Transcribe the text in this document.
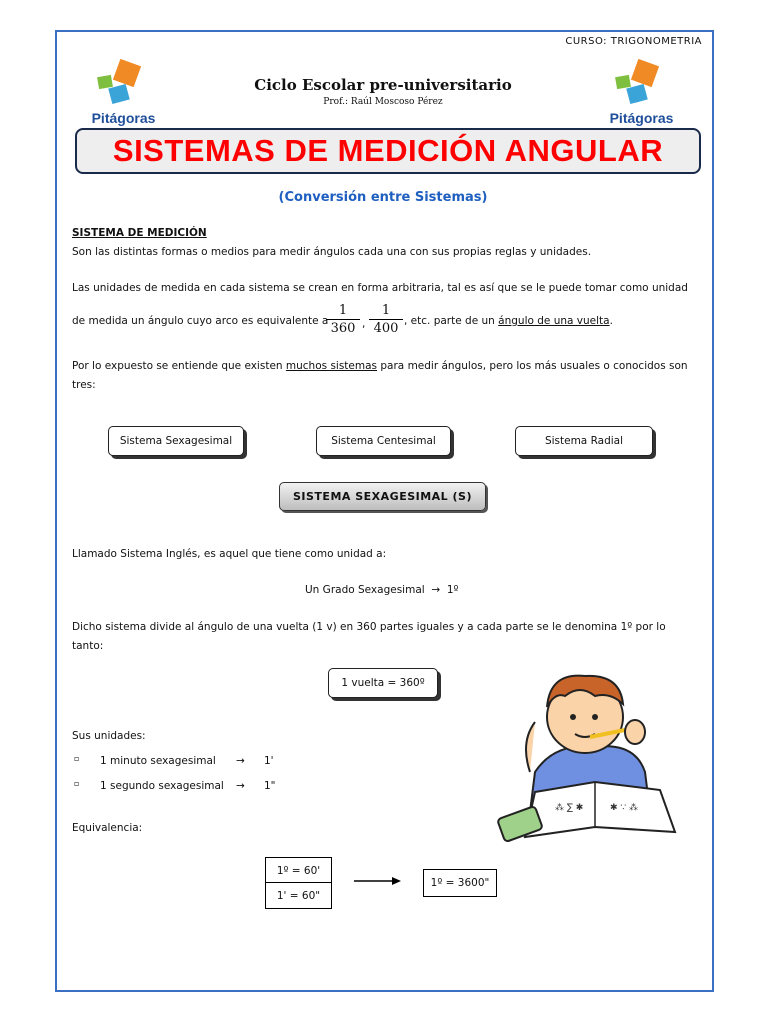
CURSO: TRIGONOMETRIA
Pitágoras	Pitágoras
Ciclo Escolar pre-universitario
Prof.: Raúl Moscoso Pérez
SISTEMAS DE MEDICIÓN ANGULAR
(Conversión entre Sistemas)
SISTEMA DE MEDICIÓN
Son las distintas formas o medios para medir ángulos cada una con sus propias reglas y unidades.
Las unidades de medida en cada sistema se crean en forma arbitraria, tal es así que se le puede tomar como unidad
de medida un ángulo cuyo arco es equivalente a
$\frac{1}{360}$ , $\frac{1}{400}$ , etc. parte de un ángulo de una vuelta.
Por lo expuesto se entiende que existen muchos sistemas para medir ángulos, pero los más usuales o conocidos son
tres:
Sistema Sexagesimal	Sistema Centesimal	Sistema Radial
SISTEMA SEXAGESIMAL (S)
Llamado Sistema Inglés, es aquel que tiene como unidad a:
Un Grado Sexagesimal → 1º
Dicho sistema divide al ángulo de una vuelta (1 v) en 360 partes iguales y a cada parte se le denomina 1º por lo
tanto:
1 vuelta = 360º
Sus unidades:
▫ 1 minuto sexagesimal → 1'
▫ 1 segundo sexagesimal → 1"
Equivalencia:
1º = 60'
1' = 60"
1º = 3600"
⁂ ∑ ✱	✱ ∵ ⁂
